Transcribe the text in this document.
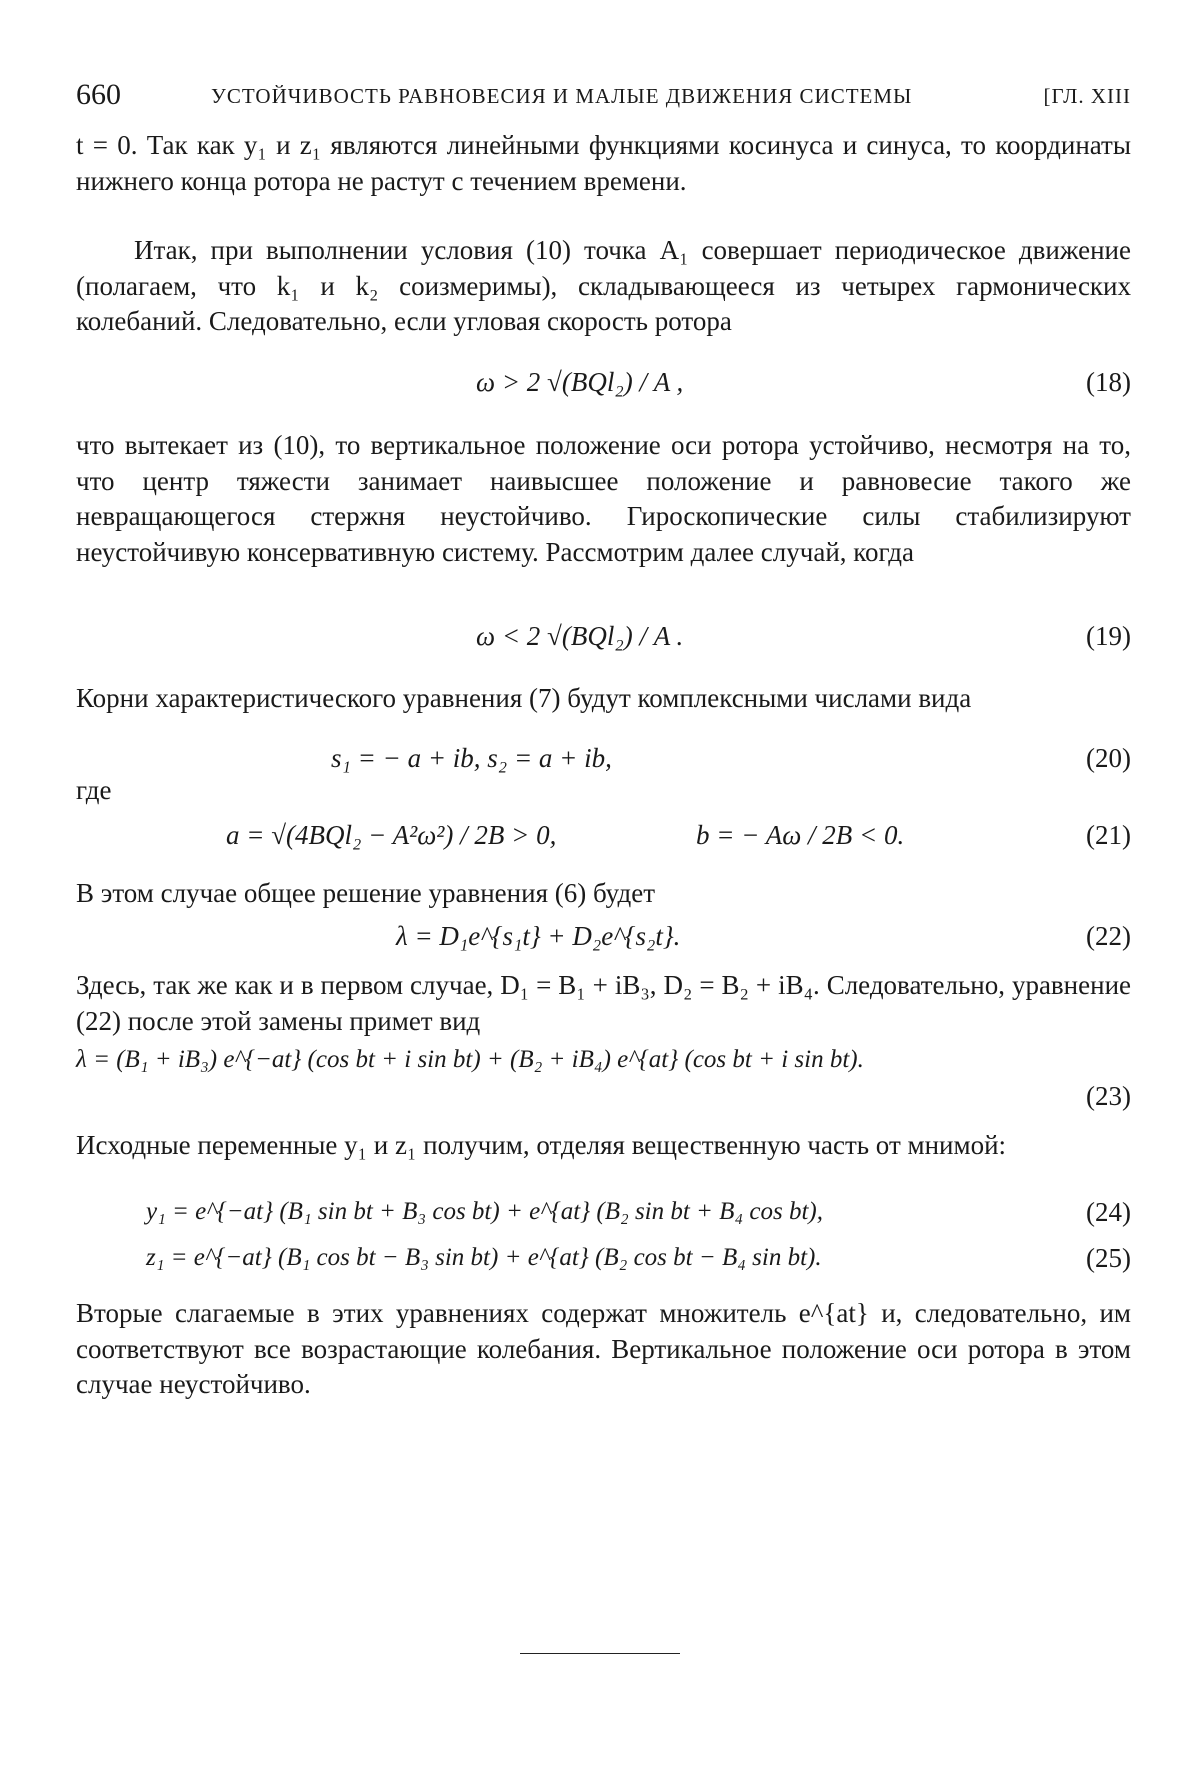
660	УСТОЙЧИВОСТЬ РАВНОВЕСИЯ И МАЛЫЕ ДВИЖЕНИЯ СИСТЕМЫ	[ГЛ. XIII

t = 0. Так как y₁ и z₁ являются линейными функциями косинуса и синуса, то координаты нижнего конца ротора не растут с течением времени.

Итак, при выполнении условия (10) точка A₁ совершает периодическое движение (полагаем, что k₁ и k₂ соизмеримы), складывающееся из четырех гармонических колебаний. Следовательно, если угловая скорость ротора

ω > 2 √(BQl₂) / A ,	(18)

что вытекает из (10), то вертикальное положение оси ротора устойчиво, несмотря на то, что центр тяжести занимает наивысшее положение и равновесие такого же невращающегося стержня неустойчиво. Гироскопические силы стабилизируют неустойчивую консервативную систему. Рассмотрим далее случай, когда

ω < 2 √(BQl₂) / A .	(19)

Корни характеристического уравнения (7) будут комплексными числами вида

s₁ = − a + ib, s₂ = a + ib,	(20)
где
a = √(4BQl₂ − A²ω²) / 2B > 0,	b = − Aω / 2B < 0.	(21)

В этом случае общее решение уравнения (6) будет

λ = D₁e^{s₁t} + D₂e^{s₂t}.	(22)

Здесь, так же как и в первом случае, D₁ = B₁ + iB₃, D₂ = B₂ + iB₄. Следовательно, уравнение (22) после этой замены примет вид

λ = (B₁ + iB₃) e^{−at} (cos bt + i sin bt) + (B₂ + iB₄) e^{at} (cos bt + i sin bt).
(23)

Исходные переменные y₁ и z₁ получим, отделяя вещественную часть от мнимой:

y₁ = e^{−at} (B₁ sin bt + B₃ cos bt) + e^{at} (B₂ sin bt + B₄ cos bt),	(24)
z₁ = e^{−at} (B₁ cos bt − B₃ sin bt) + e^{at} (B₂ cos bt − B₄ sin bt).	(25)

Вторые слагаемые в этих уравнениях содержат множитель e^{at} и, следовательно, им соответствуют все возрастающие колебания. Вертикальное положение оси ротора в этом случае неустойчиво.
